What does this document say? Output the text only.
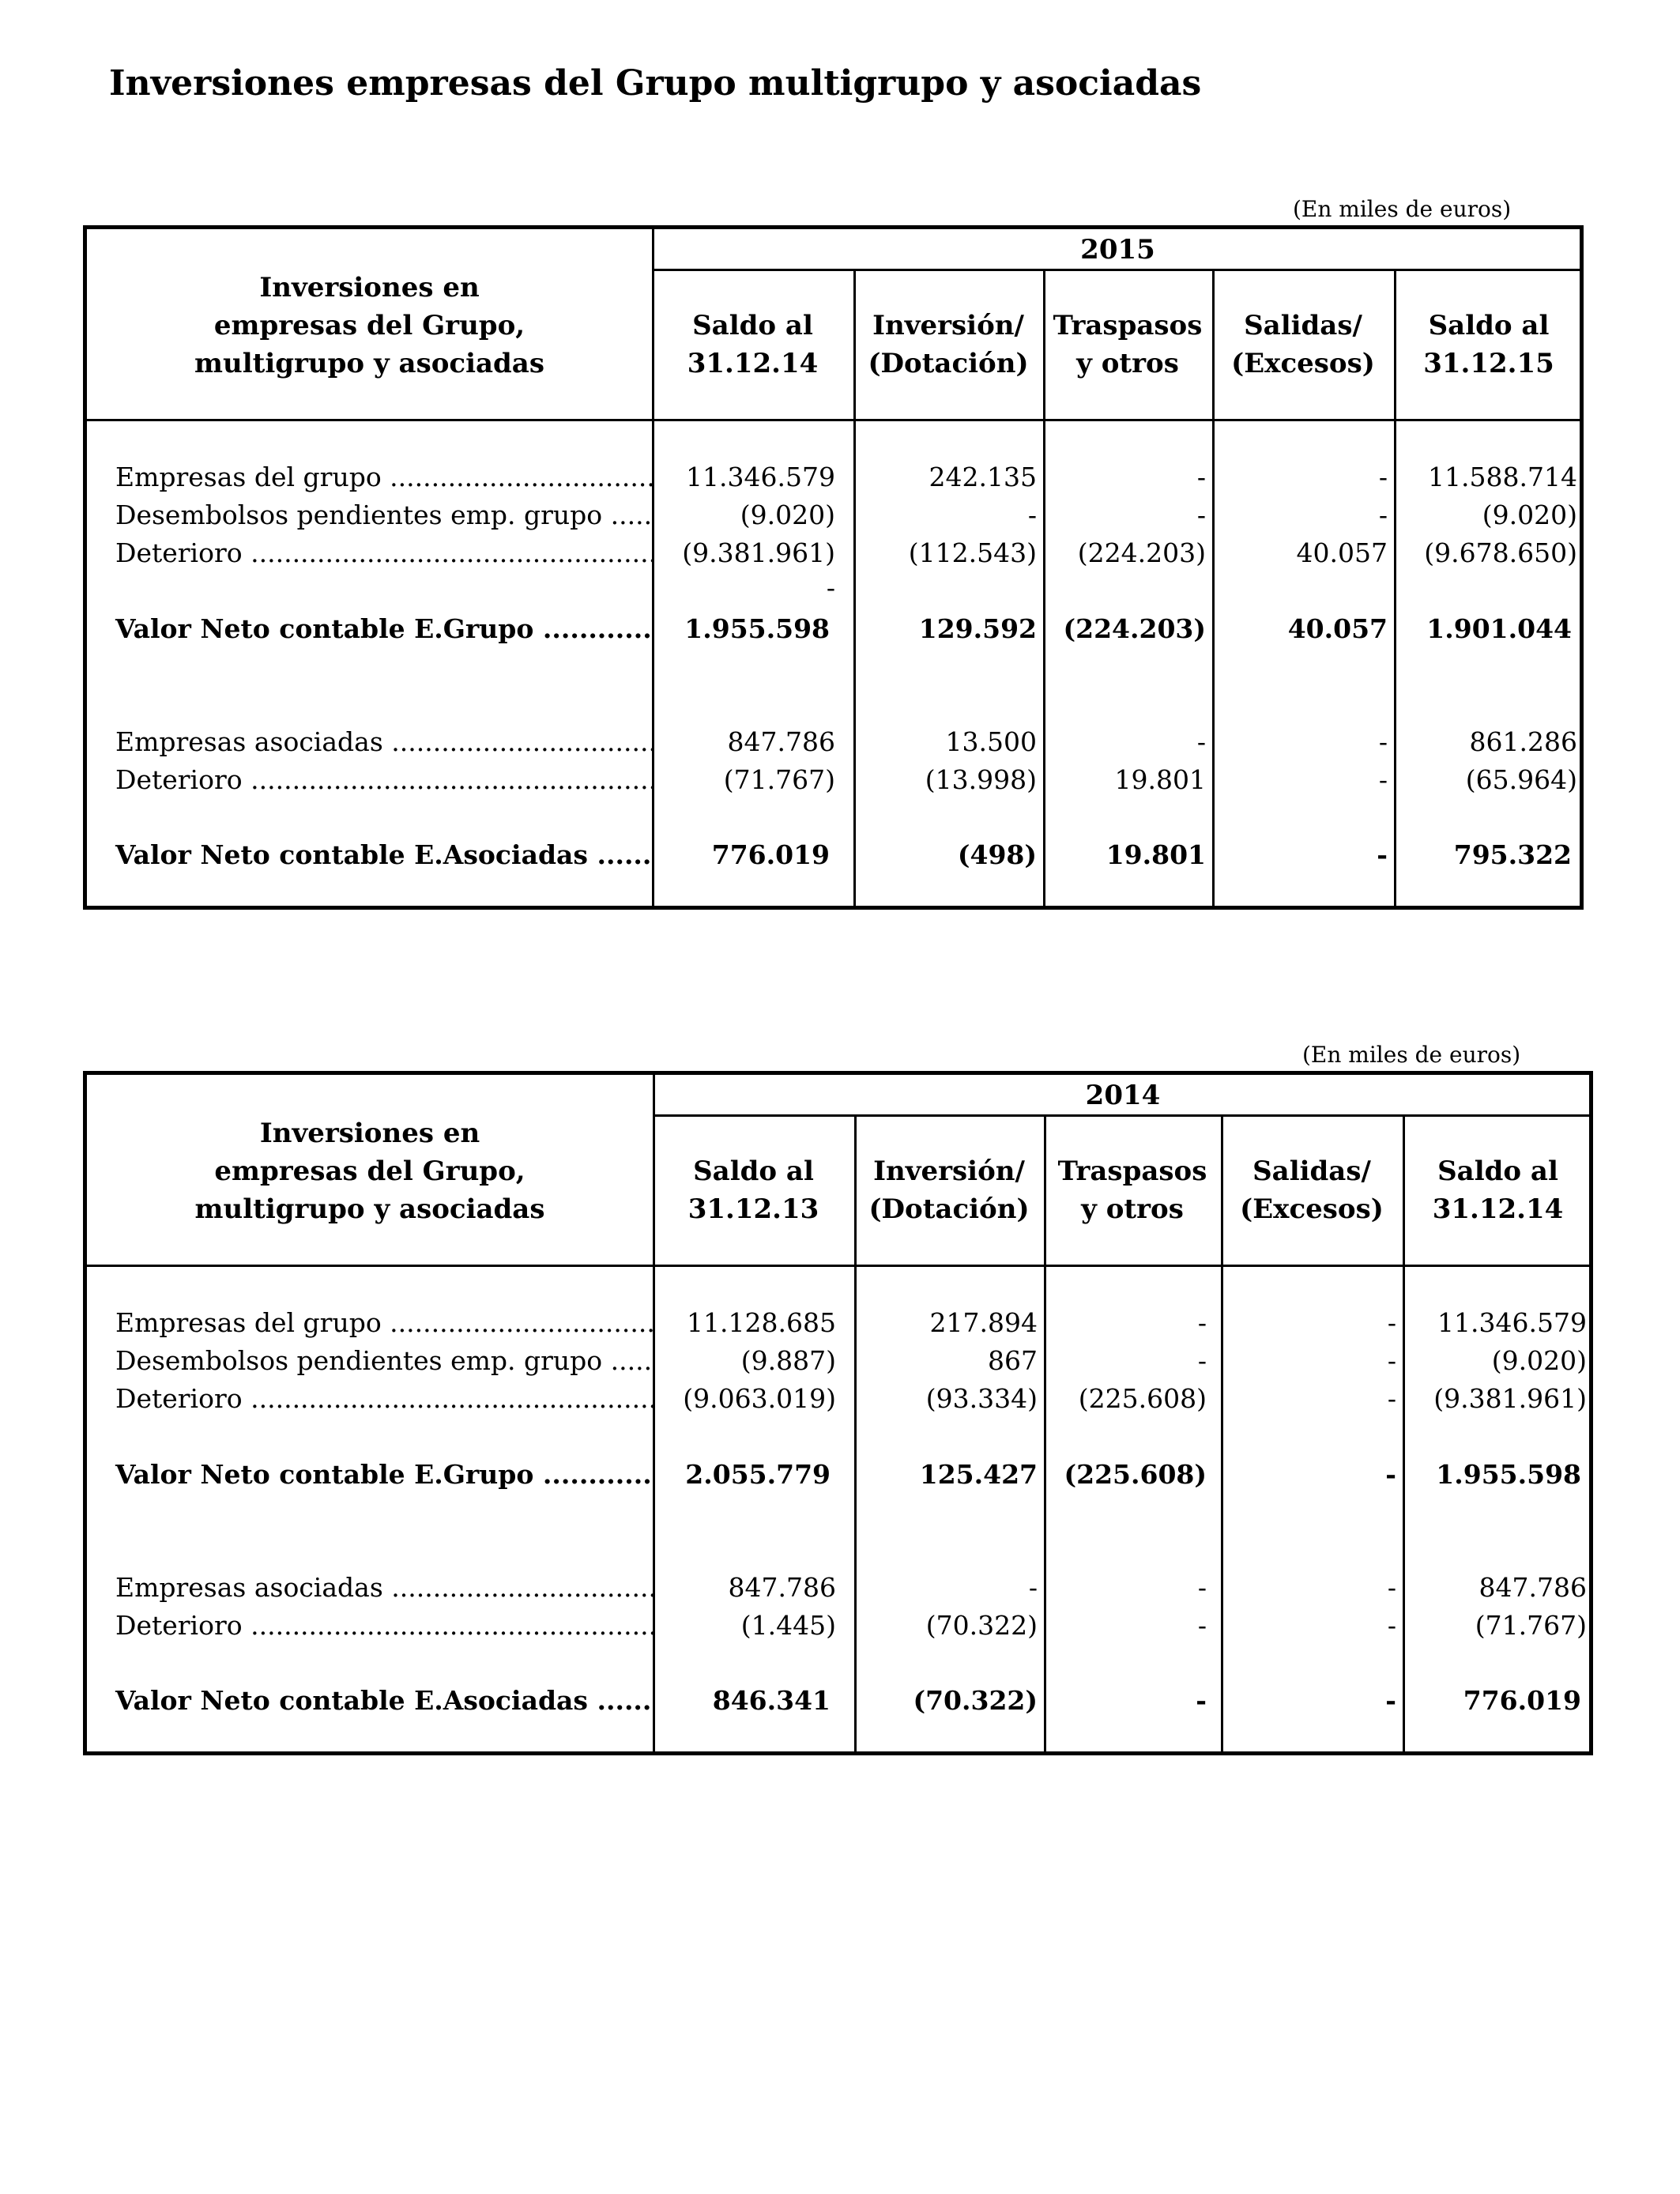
Inversiones empresas del Grupo multigrupo y asociadas
(En miles de euros)
2015
Inversiones en
empresas del Grupo,
multigrupo y asociadas
Saldo al
31.12.14
Inversión/
(Dotación)
Traspasos
y otros
Salidas/
(Excesos)
Saldo al
31.12.15
Empresas del grupo .....	11.346.579	242.135	-	-	11.588.714
Desembolsos pendientes emp. grupo .....	(9.020)	-	-	-	(9.020)
Deterioro .....	(9.381.961)	(112.543)	(224.203)	40.057	(9.678.650)
-
Valor Neto contable E.Grupo .....	1.955.598	129.592	(224.203)	40.057	1.901.044
Empresas asociadas .....	847.786	13.500	-	-	861.286
Deterioro .....	(71.767)	(13.998)	19.801	-	(65.964)
Valor Neto contable E.Asociadas .....	776.019	(498)	19.801	-	795.322
(En miles de euros)
2014
Inversiones en
empresas del Grupo,
multigrupo y asociadas
Saldo al
31.12.13
Inversión/
(Dotación)
Traspasos
y otros
Salidas/
(Excesos)
Saldo al
31.12.14
Empresas del grupo .....	11.128.685	217.894	-	-	11.346.579
Desembolsos pendientes emp. grupo .....	(9.887)	867	-	-	(9.020)
Deterioro .....	(9.063.019)	(93.334)	(225.608)	-	(9.381.961)
Valor Neto contable E.Grupo .....	2.055.779	125.427	(225.608)	-	1.955.598
Empresas asociadas .....	847.786	-	-	-	847.786
Deterioro .....	(1.445)	(70.322)	-	-	(71.767)
Valor Neto contable E.Asociadas .....	846.341	(70.322)	-	-	776.019
